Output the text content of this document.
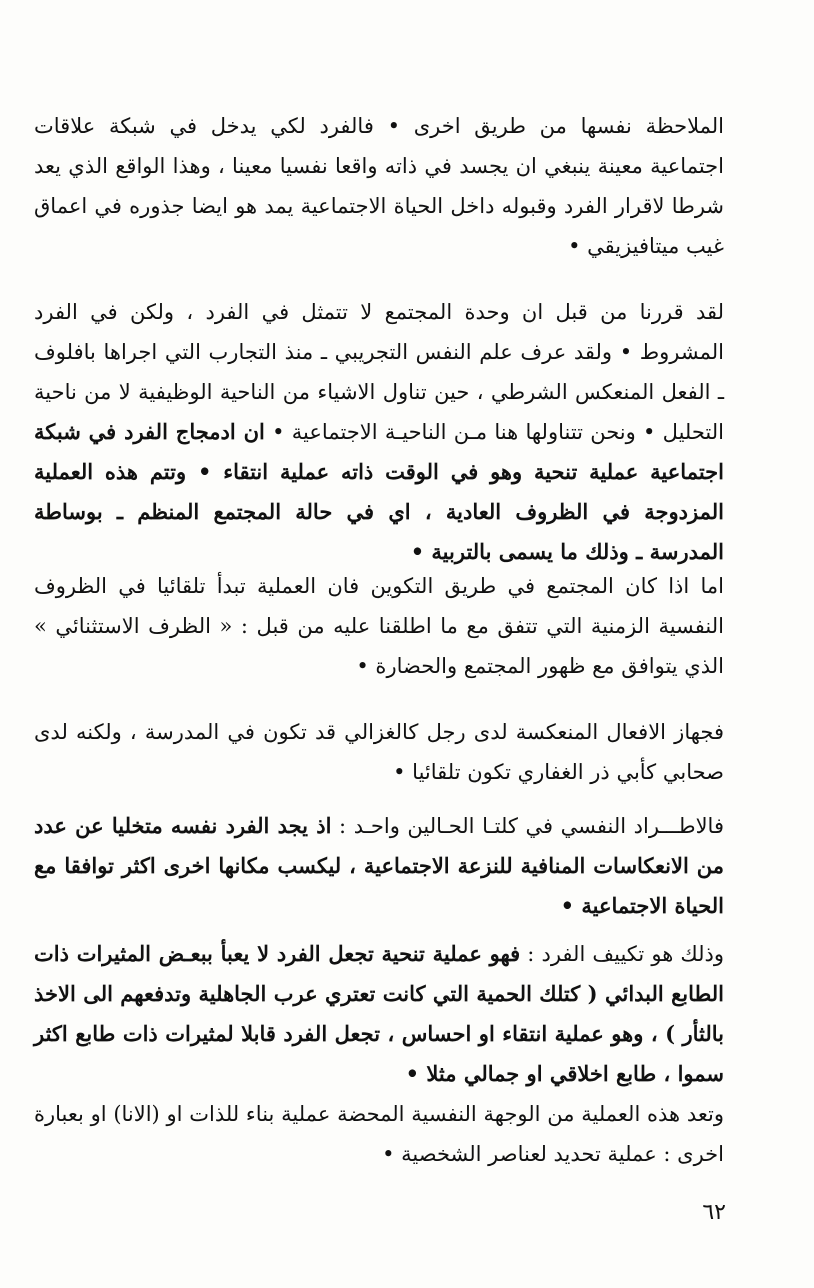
الملاحظة نفسها من طريق اخرى • فالفرد لكي يدخل في شبكة علاقات اجتماعية معينة ينبغي ان يجسد في ذاته واقعا نفسيا معينا ، وهذا الواقع الذي يعد شرطا لاقرار الفرد وقبوله داخل الحياة الاجتماعية يمد هو ايضا جذوره في اعماق غيب ميتافيزيقي •

لقد قررنا من قبل ان وحدة المجتمع لا تتمثل في الفرد ، ولكن في الفرد المشروط • ولقد عرف علم النفس التجريبي ـ منذ التجارب التي اجراها بافلوف ـ الفعل المنعكس الشرطي ، حين تناول الاشياء من الناحية الوظيفية لا من ناحية التحليل • ونحن تتناولها هنا مـن الناحيـة الاجتماعية • ان ادمجاج الفرد في شبكة اجتماعية عملية تنحية وهو في الوقت ذاته عملية انتقاء • وتتم هذه العملية المزدوجة في الظروف العادية ، اي في حالة المجتمع المنظم ـ بوساطة المدرسة ـ وذلك ما يسمى بالتربية •

اما اذا كان المجتمع في طريق التكوين فان العملية تبدأ تلقائيا في الظروف النفسية الزمنية التي تتفق مع ما اطلقنا عليه من قبل : « الظرف الاستثنائي » الذي يتوافق مع ظهور المجتمع والحضارة •

فجهاز الافعال المنعكسة لدى رجل كالغزالي قد تكون في المدرسة ، ولكنه لدى صحابي كأبي ذر الغفاري تكون تلقائيا •

فالاطـــراد النفسي في كلتـا الحـالين واحـد : اذ يجد الفرد نفسه متخليا عن عدد من الانعكاسات المنافية للنزعة الاجتماعية ، ليكسب مكانها اخرى اكثر توافقا مع الحياة الاجتماعية •

وذلك هو تكييف الفرد : فهو عملية تنحية تجعل الفرد لا يعبأ ببعـض المثيرات ذات الطابع البدائي ( كتلك الحمية التي كانت تعتري عرب الجاهلية وتدفعهم الى الاخذ بالثأر ) ، وهو عملية انتقاء او احساس ، تجعل الفرد قابلا لمثيرات ذات طابع اكثر سموا ، طابع اخلاقي او جمالي مثلا •

وتعد هذه العملية من الوجهة النفسية المحضة عملية بناء للذات او (الانا) او بعبارة اخرى : عملية تحديد لعناصر الشخصية •

٦٢
